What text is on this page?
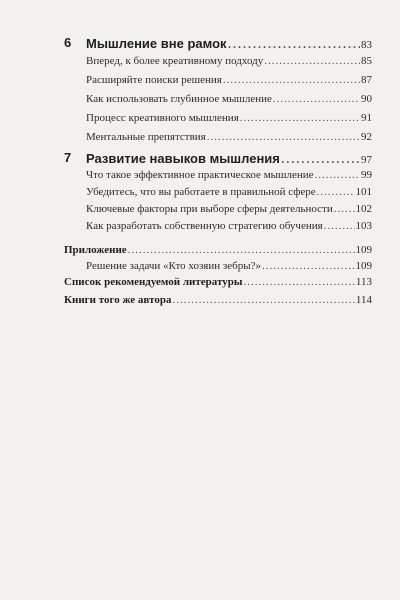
6	Мышление вне рамок .....	83
Вперед, к более креативному подходу .....	85
Расширяйте поиски решения .....	87
Как использовать глубинное мышление .....	90
Процесс креативного мышления .....	91
Ментальные препятствия .....	92
7	Развитие навыков мышления .....	97
Что такое эффективное практическое мышление .....	99
Убедитесь, что вы работаете в правильной сфере .....	101
Ключевые факторы при выборе сферы деятельности ..... 102
Как разработать собственную стратегию обучения .....	103
Приложение .....	109
Решение задачи «Кто хозяин зебры?» .....	109
Список рекомендуемой литературы .....	113
Книги того же автора .....	114
